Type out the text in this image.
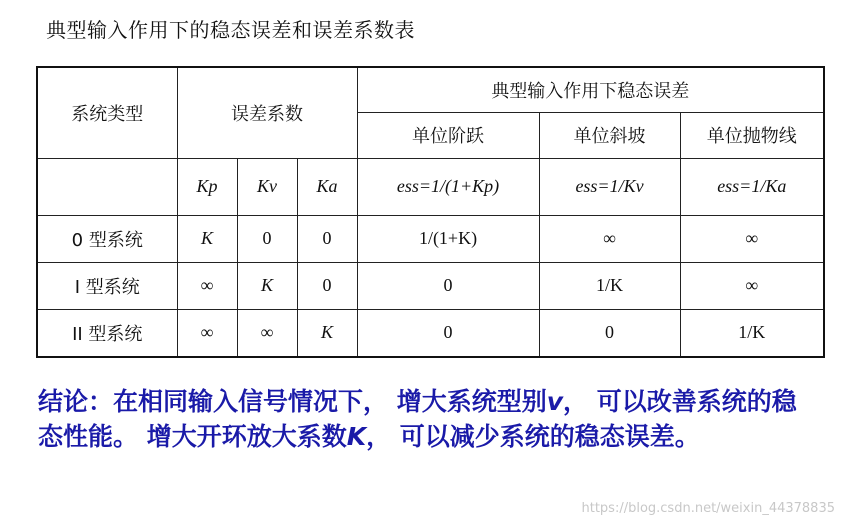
典型输入作用下的稳态误差和误差系数表
系统类型	误差系数			典型输入作用下稳态误差		
				单位阶跃	单位斜坡	单位抛物线
	Kp	Kv	Ka	ess=1/(1+Kp)	ess=1/Kv	ess=1/Ka
0 型系统	K	0	0	1/(1+K)	∞	∞
I 型系统	∞	K	0	0	1/K	∞
II 型系统	∞	∞	K	0	0	1/K
结论：在相同输入信号情况下， 增大系统型别v， 可以改善系统的稳态性能。 增大开环放大系数K， 可以减少系统的稳态误差。
https://blog.csdn.net/weixin_44378835
